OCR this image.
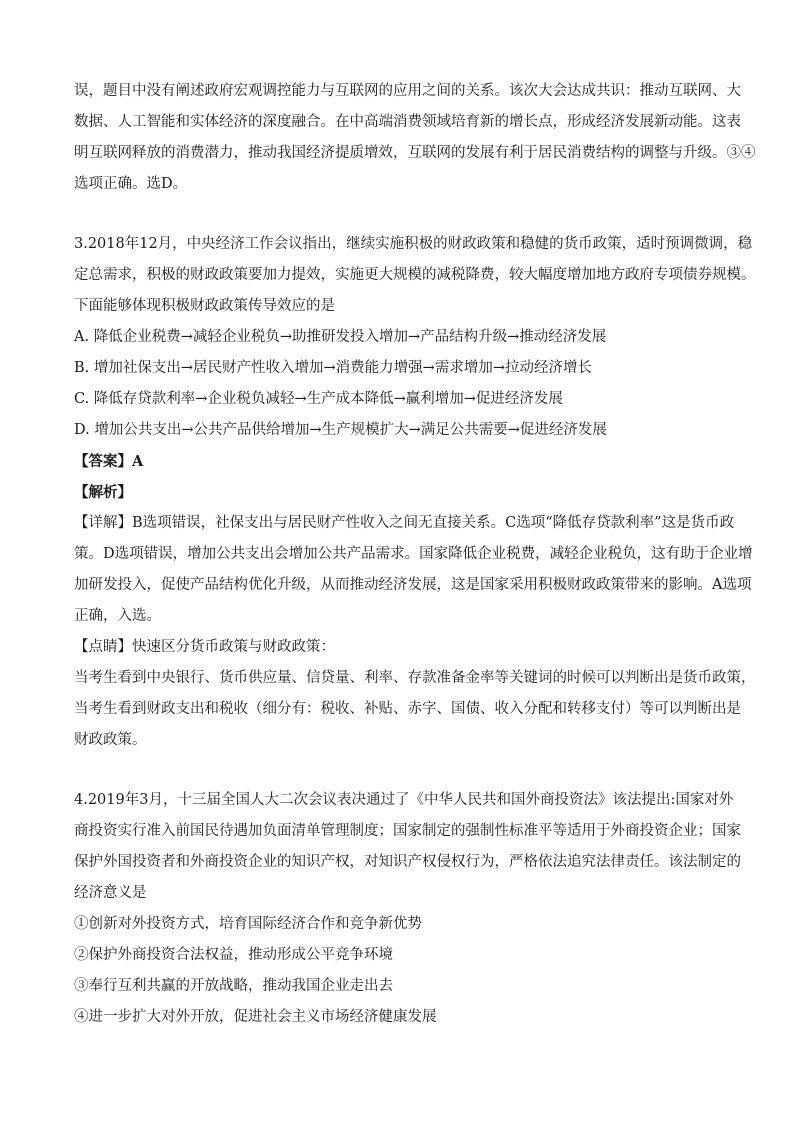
误，题目中没有阐述政府宏观调控能力与互联网的应用之间的关系。该次大会达成共识：推动互联网、大
数据、人工智能和实体经济的深度融合。在中高端消费领域培育新的增长点，形成经济发展新动能。这表
明互联网释放的消费潜力，推动我国经济提质增效，互联网的发展有利于居民消费结构的调整与升级。③④
选项正确。选D。
3.2018年12月，中央经济工作会议指出，继续实施积极的财政政策和稳健的货币政策，适时预调微调，稳
定总需求，积极的财政政策要加力提效，实施更大规模的减税降费，较大幅度增加地方政府专项债券规模。
下面能够体现积极财政政策传导效应的是
A. 降低企业税费→减轻企业税负→助推研发投入增加→产品结构升级→推动经济发展
B. 增加社保支出→居民财产性收入增加→消费能力增强→需求增加→拉动经济增长
C. 降低存贷款利率→企业税负减轻→生产成本降低→赢利增加→促进经济发展
D. 增加公共支出→公共产品供给增加→生产规模扩大→满足公共需要→促进经济发展
【答案】A
【解析】
【详解】B选项错误，社保支出与居民财产性收入之间无直接关系。C选项“降低存贷款利率”这是货币政
策。D选项错误，增加公共支出会增加公共产品需求。国家降低企业税费，减轻企业税负，这有助于企业增
加研发投入，促使产品结构优化升级，从而推动经济发展，这是国家采用积极财政政策带来的影响。A选项
正确，入选。
【点睛】快速区分货币政策与财政政策：
当考生看到中央银行、货币供应量、信贷量、利率、存款准备金率等关键词的时候可以判断出是货币政策，
当考生看到财政支出和税收（细分有：税收、补贴、赤字、国债、收入分配和转移支付）等可以判断出是
财政政策。
4.2019年3月，十三届全国人大二次会议表决通过了《中华人民共和国外商投资法》该法提出:国家对外
商投资实行准入前国民待遇加负面清单管理制度；国家制定的强制性标准平等适用于外商投资企业；国家
保护外国投资者和外商投资企业的知识产权，对知识产权侵权行为，严格依法追究法律责任。该法制定的
经济意义是
①创新对外投资方式，培育国际经济合作和竞争新优势
②保护外商投资合法权益，推动形成公平竞争环境
③奉行互利共赢的开放战略，推动我国企业走出去
④进一步扩大对外开放，促进社会主义市场经济健康发展
